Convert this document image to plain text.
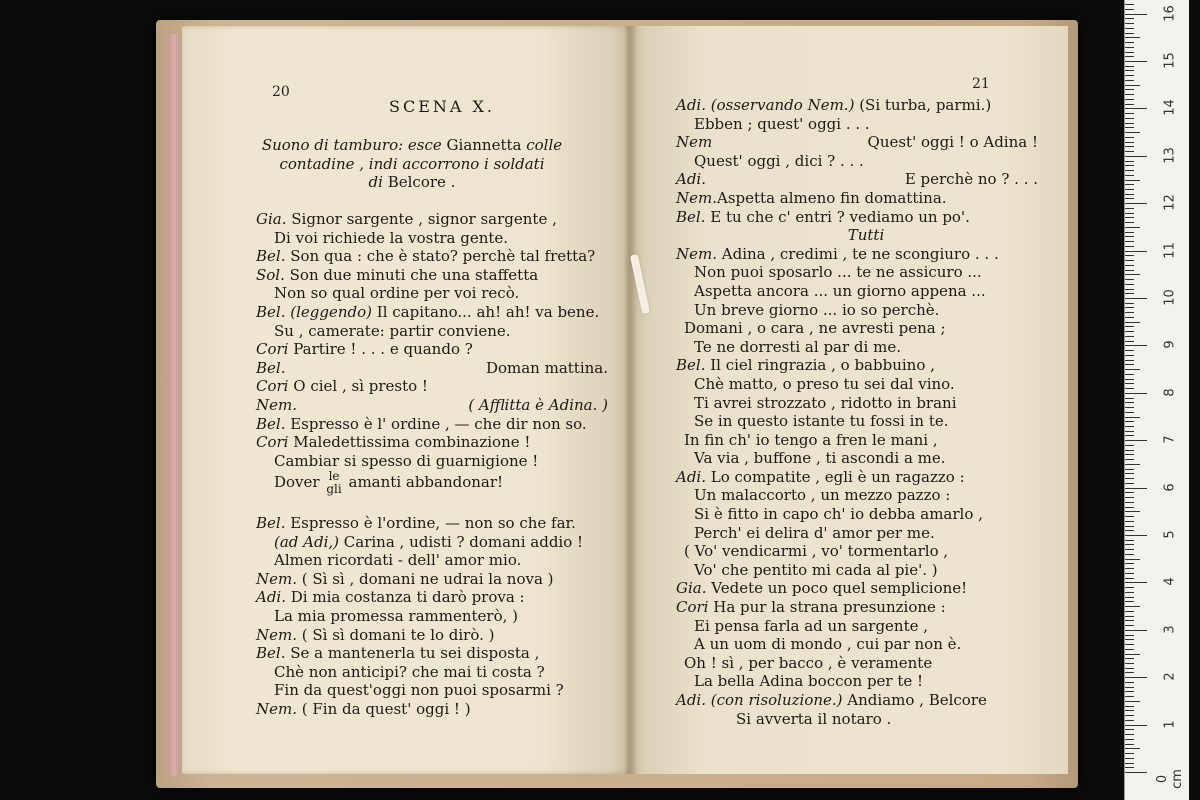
20
SCENA X.
Suono di tamburo: esce Giannetta colle
contadine , indi accorrono i soldati
di Belcore .
Gia. Signor sargente , signor sargente ,
Di voi richiede la vostra gente.
Bel. Son qua : che è stato? perchè tal fretta?
Sol. Son due minuti che una staffetta
Non so qual ordine per voi recò.
Bel. (leggendo) Il capitano... ah! ah! va bene.
Su , camerate: partir conviene.
Cori Partire ! . . . e quando ?
Bel.	Doman mattina.
Cori O ciel , sì presto !
Nem.	( Afflitta è Adina. )
Bel. Espresso è l' ordine , — che dir non so.
Cori Maledettissima combinazione !
Cambiar si spesso di guarnigione !
Dover le
gli amanti abbandonar!
Bel. Espresso è l'ordine, — non so che far.
(ad Adi,) Carina , udisti ? domani addio !
Almen ricordati - dell' amor mio.
Nem. ( Sì sì , domani ne udrai la nova )
Adi. Di mia costanza ti darò prova :
La mia promessa rammenterò, )
Nem. ( Sì sì domani te lo dirò. )
Bel. Se a mantenerla tu sei disposta ,
Chè non anticipi? che mai ti costa ?
Fin da quest'oggi non puoi sposarmi ?
Nem. ( Fin da quest' oggi ! )
21
Adi. (osservando Nem.) (Si turba, parmi.)
Ebben ; quest' oggi . . .
Nem	Quest' oggi ! o Adina !
Quest' oggi , dici ? . . .
Adi.	E perchè no ? . . .
Nem.Aspetta almeno fin domattina.
Bel. E tu che c' entri ? vediamo un po'.
Tutti
Nem. Adina , credimi , te ne scongiuro . . .
Non puoi sposarlo ... te ne assicuro ...
Aspetta ancora ... un giorno appena ...
Un breve giorno ... io so perchè.
Domani , o cara , ne avresti pena ;
Te ne dorresti al par di me.
Bel. Il ciel ringrazia , o babbuino ,
Chè matto, o preso tu sei dal vino.
Ti avrei strozzato , ridotto in brani
Se in questo istante tu fossi in te.
In fin ch' io tengo a fren le mani ,
Va via , buffone , ti ascondi a me.
Adi. Lo compatite , egli è un ragazzo :
Un malaccorto , un mezzo pazzo :
Si è fitto in capo ch' io debba amarlo ,
Perch' ei delira d' amor per me.
( Vo' vendicarmi , vo' tormentarlo ,
Vo' che pentito mi cada al pie'. )
Gia. Vedete un poco quel semplicione!
Cori Ha pur la strana presunzione :
Ei pensa farla ad un sargente ,
A un uom di mondo , cui par non è.
Oh ! sì , per bacco , è veramente
La bella Adina boccon per te !
Adi. (con risoluzione.) Andiamo , Belcore
Si avverta il notaro .
0 cm
1
2
3
4
5
6
7
8
9
10
11
12
13
14
15
16
